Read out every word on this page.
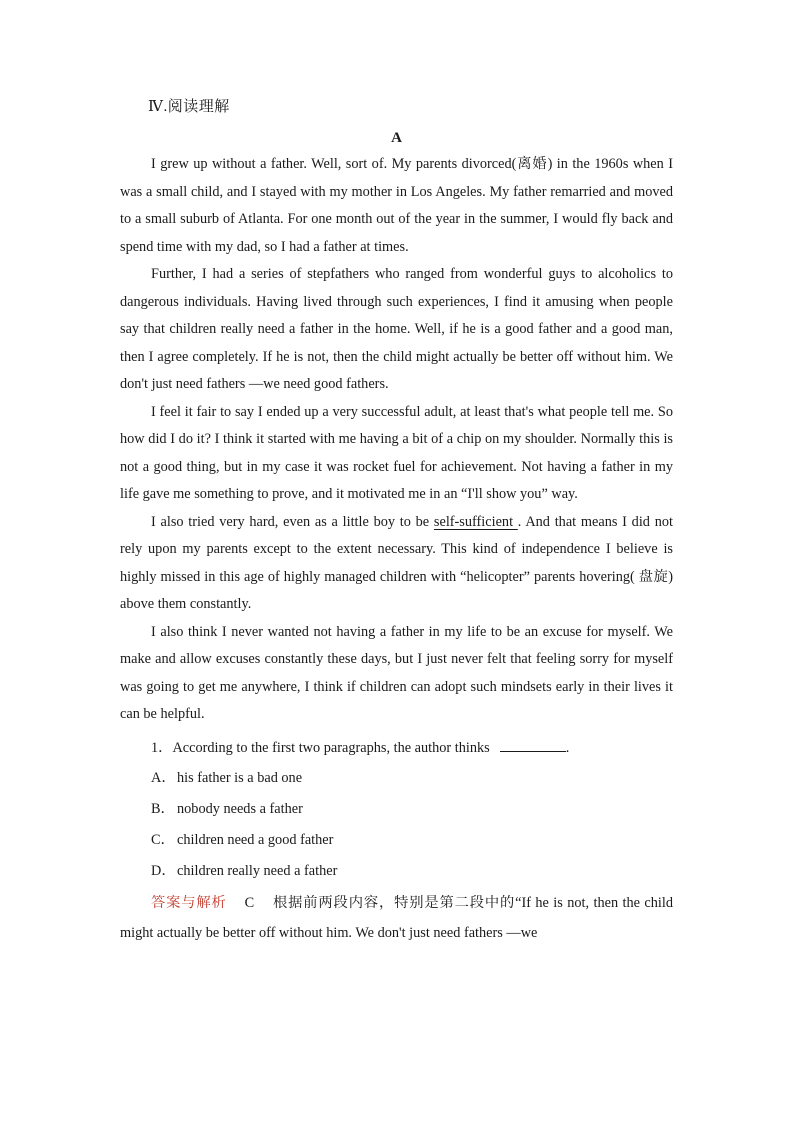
Ⅳ.阅读理解
A

I grew up without a father. Well, sort of. My parents divorced(离婚) in the 1960s when I was a small child, and I stayed with my mother in Los Angeles. My father remarried and moved to a small suburb of Atlanta. For one month out of the year in the summer, I would fly back and spend time with my dad, so I had a father at times.

Further, I had a series of stepfathers who ranged from wonderful guys to alcoholics to dangerous individuals. Having lived through such experiences, I find it amusing when people say that children really need a father in the home. Well, if he is a good father and a good man, then I agree completely. If he is not, then the child might actually be better off without him. We don't just need fathers —we need good fathers.

I feel it fair to say I ended up a very successful adult, at least that's what people tell me. So how did I do it? I think it started with me having a bit of a chip on my shoulder. Normally this is not a good thing, but in my case it was rocket fuel for achievement. Not having a father in my life gave me something to prove, and it motivated me in an “I'll show you” way.

I also tried very hard, even as a little boy to be self-sufficient . And that means I did not rely upon my parents except to the extent necessary. This kind of independence I believe is highly missed in this age of highly managed children with “helicopter” parents hovering( 盘旋) above them constantly.

I also think I never wanted not having a father in my life to be an excuse for myself. We make and allow excuses constantly these days, but I just never felt that feeling sorry for myself was going to get me anywhere, I think if children can adopt such mindsets early in their lives it can be helpful.

1．According to the first two paragraphs, the author thinks	.
A．his father is a bad one
B． nobody needs a father
C． children need a good father
D．children really need a father
答案与解析 C 根据前两段内容，特别是第二段中的“If he is not, then the child might actually be better off without him. We don't just need fathers —we
